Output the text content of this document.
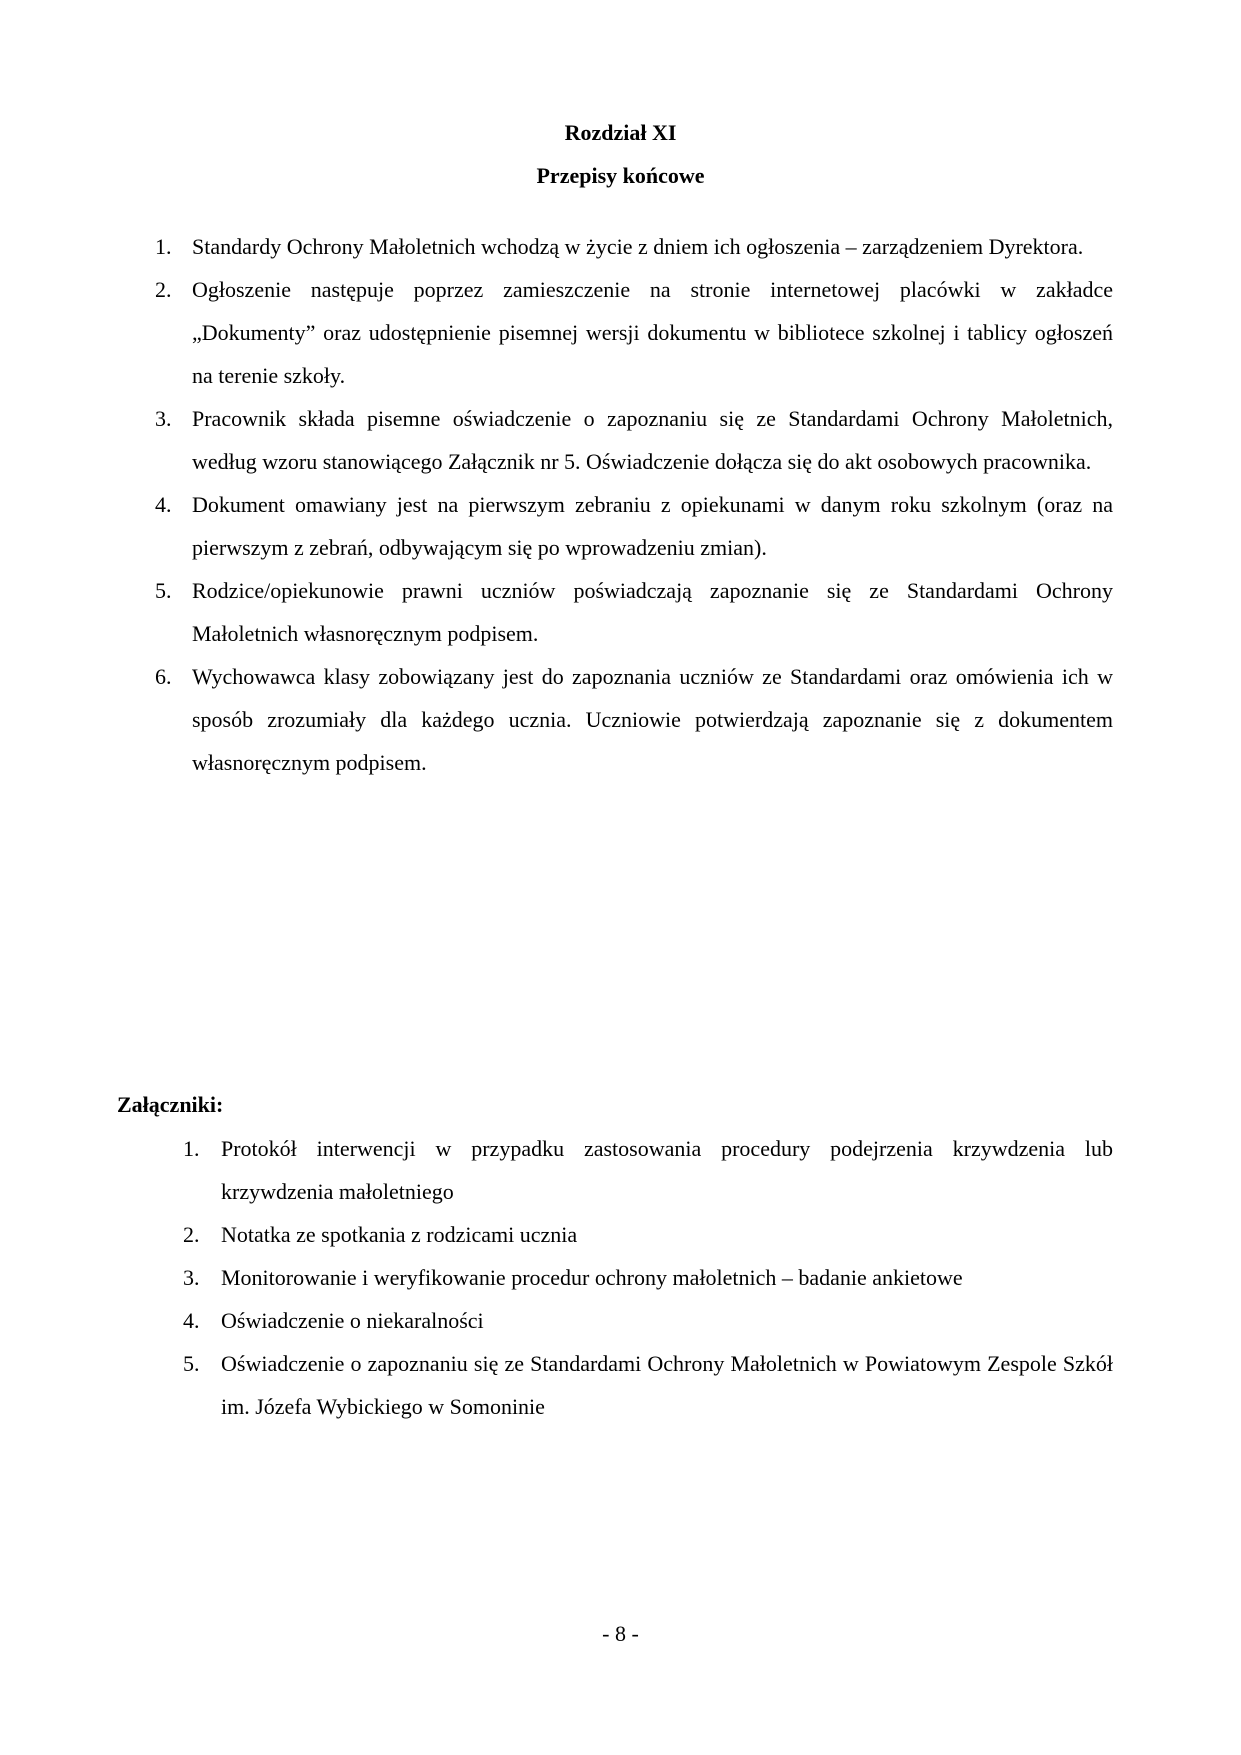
Rozdział XI
Przepisy końcowe
1. Standardy Ochrony Małoletnich wchodzą w życie z dniem ich ogłoszenia – zarządzeniem Dyrektora.
2. Ogłoszenie następuje poprzez zamieszczenie na stronie internetowej placówki w zakładce „Dokumenty” oraz udostępnienie pisemnej wersji dokumentu w bibliotece szkolnej i tablicy ogłoszeń na terenie szkoły.
3. Pracownik składa pisemne oświadczenie o zapoznaniu się ze Standardami Ochrony Małoletnich, według wzoru stanowiącego Załącznik nr 5. Oświadczenie dołącza się do akt osobowych pracownika.
4. Dokument omawiany jest na pierwszym zebraniu z opiekunami w danym roku szkolnym (oraz na pierwszym z zebrań, odbywającym się po wprowadzeniu zmian).
5. Rodzice/opiekunowie prawni uczniów poświadczają zapoznanie się ze Standardami Ochrony Małoletnich własnoręcznym podpisem.
6. Wychowawca klasy zobowiązany jest do zapoznania uczniów ze Standardami oraz omówienia ich w sposób zrozumiały dla każdego ucznia. Uczniowie potwierdzają zapoznanie się z dokumentem własnoręcznym podpisem.
Załączniki:
1. Protokół interwencji w przypadku zastosowania procedury podejrzenia krzywdzenia lub krzywdzenia małoletniego
2. Notatka ze spotkania z rodzicami ucznia
3. Monitorowanie i weryfikowanie procedur ochrony małoletnich – badanie ankietowe
4. Oświadczenie o niekaralności
5. Oświadczenie o zapoznaniu się ze Standardami Ochrony Małoletnich w Powiatowym Zespole Szkół im. Józefa Wybickiego w Somoninie
- 8 -
